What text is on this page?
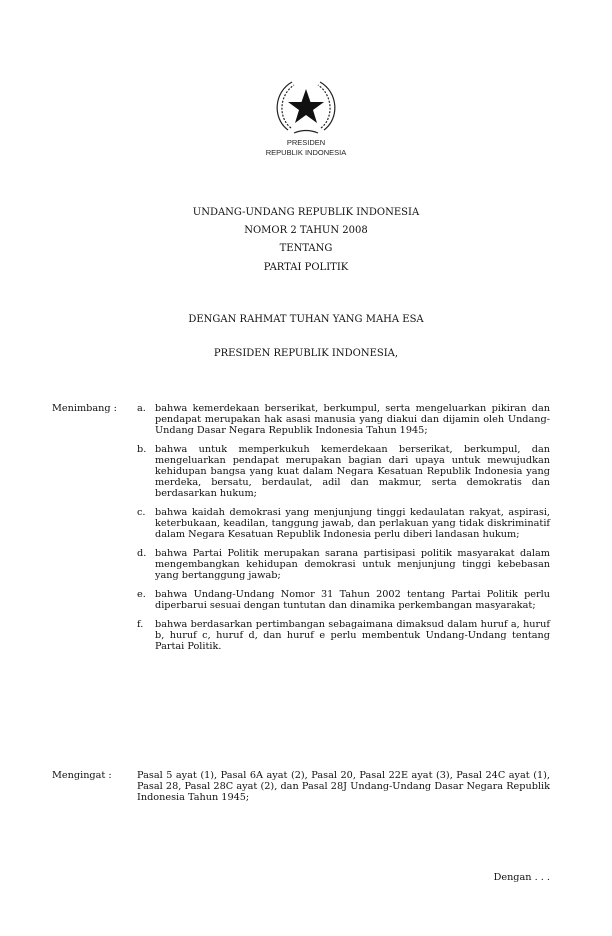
PRESIDEN
REPUBLIK INDONESIA
UNDANG-UNDANG REPUBLIK INDONESIA
NOMOR 2 TAHUN 2008
TENTANG
PARTAI POLITIK
DENGAN RAHMAT TUHAN YANG MAHA ESA
PRESIDEN REPUBLIK INDONESIA,
Menimbang :	a. bahwa kemerdekaan berserikat, berkumpul, serta mengeluarkan pikiran dan pendapat merupakan hak asasi manusia yang diakui dan dijamin oleh Undang-Undang Dasar Negara Republik Indonesia Tahun 1945;
b. bahwa untuk memperkukuh kemerdekaan berserikat, berkumpul, dan mengeluarkan pendapat merupakan bagian dari upaya untuk mewujudkan kehidupan bangsa yang kuat dalam Negara Kesatuan Republik Indonesia yang merdeka, bersatu, berdaulat, adil dan makmur, serta demokratis dan berdasarkan hukum;
c. bahwa kaidah demokrasi yang menjunjung tinggi kedaulatan rakyat, aspirasi, keterbukaan, keadilan, tanggung jawab, dan perlakuan yang tidak diskriminatif dalam Negara Kesatuan Republik Indonesia perlu diberi landasan hukum;
d. bahwa Partai Politik merupakan sarana partisipasi politik masyarakat dalam mengembangkan kehidupan demokrasi untuk menjunjung tinggi kebebasan yang bertanggung jawab;
e. bahwa Undang-Undang Nomor 31 Tahun 2002 tentang Partai Politik perlu diperbarui sesuai dengan tuntutan dan dinamika perkembangan masyarakat;
f.	bahwa berdasarkan pertimbangan sebagaimana dimaksud dalam huruf a, huruf b, huruf c, huruf d, dan huruf e perlu membentuk Undang-Undang tentang Partai Politik.
Mengingat :	Pasal 5 ayat (1), Pasal 6A ayat (2), Pasal 20, Pasal 22E ayat (3), Pasal 24C ayat (1), Pasal 28, Pasal 28C ayat (2), dan Pasal 28J Undang-Undang Dasar Negara Republik Indonesia Tahun 1945;
Dengan . . .
